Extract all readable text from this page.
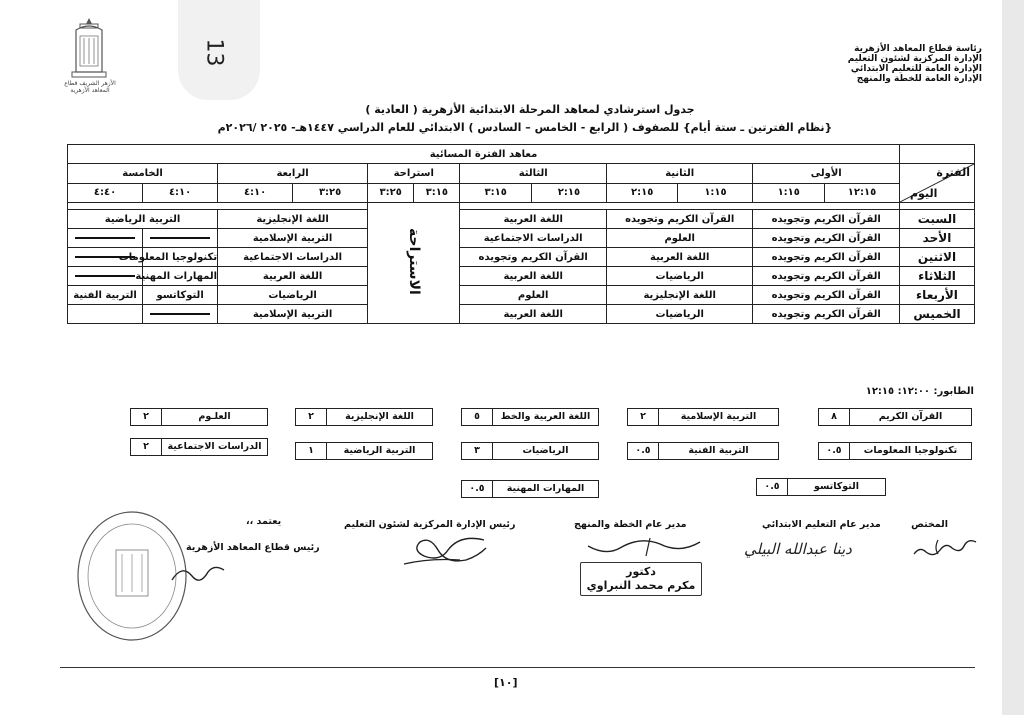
13
الأزهر الشريف قطاع المعاهد الأزهرية
رئاسة قطاع المعاهد الأزهرية
الإدارة المركزية لشئون التعليم
الإدارة العامة للتعليم الابتدائي
الإدارة العامة للخطة والمنهج
جدول استرشادي لمعاهد المرحلة الابتدائية الأزهرية ( العادية )
{نظام الفترتين ـ ستة أيام} للصفوف ( الرابع - الخامس – السادس ) الابتدائي للعام الدراسي ١٤٤٧هـ- ٢٠٢٥ /٢٠٢٦م
	معاهد الفترة المسائية											

الفترة
اليوم	الأولى		الثانية		الثالثة		استراحة		الرابعة		الخامسة	
	١٢:١٥	١:١٥	١:١٥	٢:١٥	٢:١٥	٣:١٥	٣:١٥	٣:٢٥	٣:٢٥	٤:١٠	٤:١٠	٤:٤٠
							الاستراحة					
السبت	القرآن الكريم وتجويده		القرآن الكريم وتجويده		اللغة العربية				اللغة الإنجليزية		التربية الرياضية	
الأحد	القرآن الكريم وتجويده		العلوم		الدراسات الاجتماعية				التربية الإسلامية			
الاثنين	القرآن الكريم وتجويده		اللغة العربية		القرآن الكريم وتجويده				الدراسات الاجتماعية		تكنولوجيا المعلومات	
الثلاثاء	القرآن الكريم وتجويده		الرياضيات		اللغة العربية				اللغة العربية		المهارات المهنية	
الأربعاء	القرآن الكريم وتجويده		اللغة الإنجليزية		العلوم				الرياضيات		التوكاتسو	التربية الفنية
الخميس	القرآن الكريم وتجويده		الرياضيات		اللغة العربية				التربية الإسلامية			
الطابور: ١٢:٠٠: ١٢:١٥
القرآن الكريم
٨
التربية الإسلامية
٢
اللغة العربية والخط
٥
اللغة الإنجليزية
٢
العلـوم
٢
تكنولوجيا المعلومات
٠.٥
التربية الفنية
٠.٥
الرياضيات
٣
التربية الرياضية
١
الدراسات الاجتماعية
٢
التوكاتسو
٠.٥
المهارات المهنية
٠.٥
المختص
مدير عام التعليم الابتدائي
مدير عام الخطة والمنهج
رئيس الإدارة المركزية لشئون التعليم
يعتمد ،،
رئيس قطاع المعاهد الأزهرية	دينا عبدالله البيلي
دكتور
مكرم محمد النبراوي
[١٠]
